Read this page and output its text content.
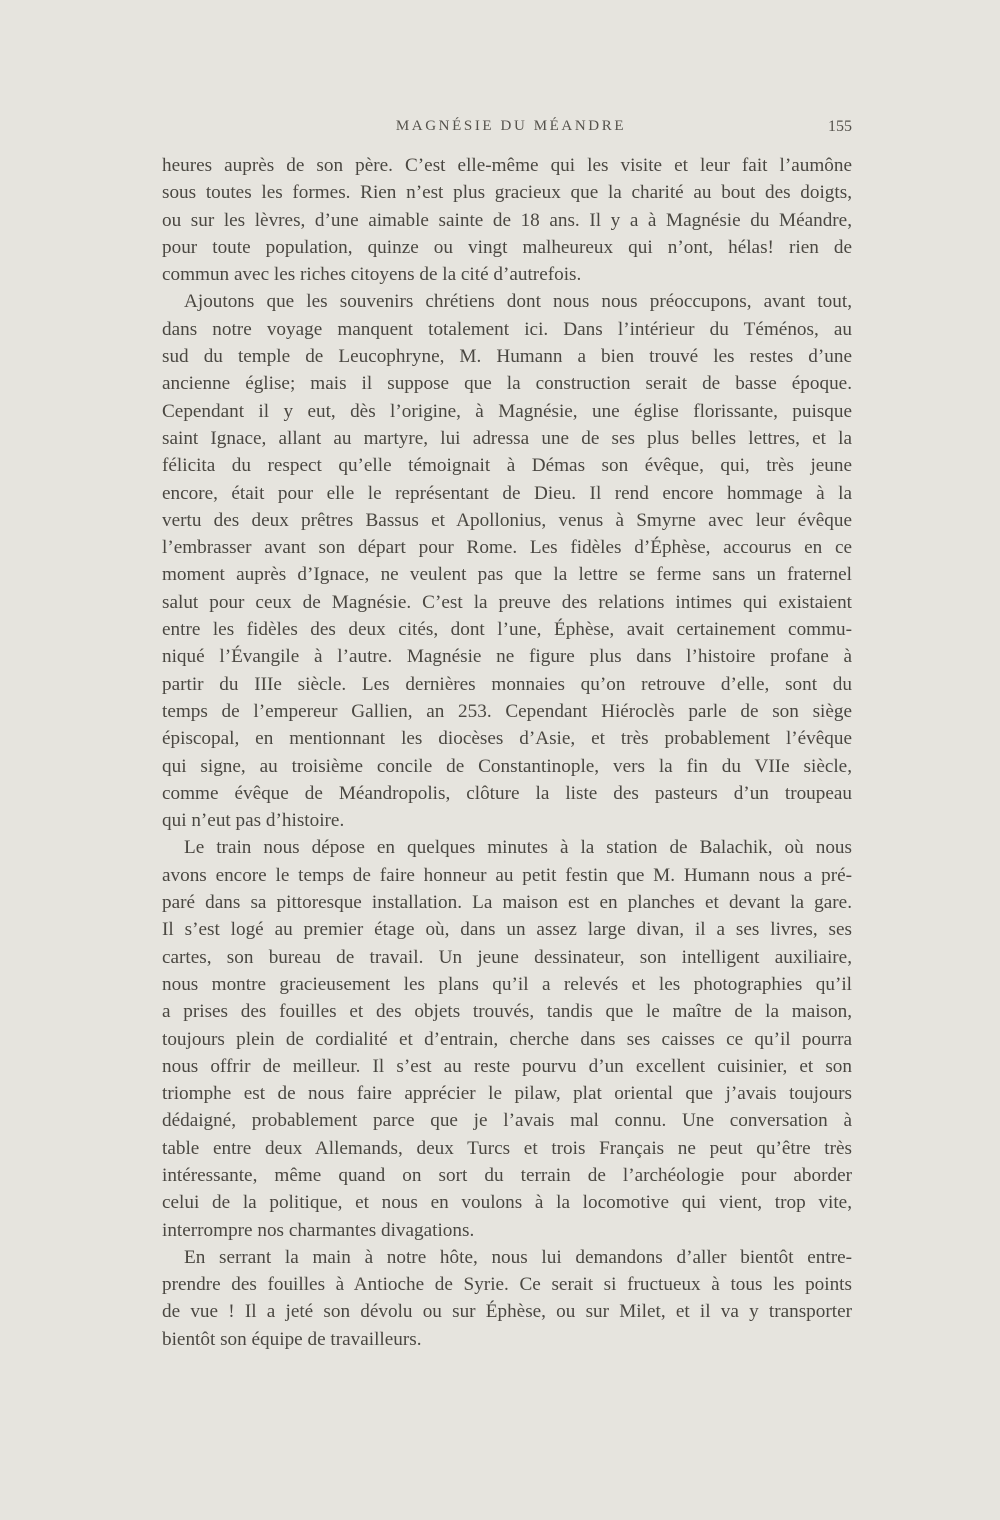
MAGNÉSIE DU MÉANDRE	155
heures auprès de son père. C’est elle-même qui les visite et leur fait l’aumône
sous toutes les formes. Rien n’est plus gracieux que la charité au bout des doigts,
ou sur les lèvres, d’une aimable sainte de 18 ans. Il y a à Magnésie du Méandre,
pour toute population, quinze ou vingt malheureux qui n’ont, hélas! rien de
commun avec les riches citoyens de la cité d’autrefois.
Ajoutons que les souvenirs chrétiens dont nous nous préoccupons, avant tout,
dans notre voyage manquent totalement ici. Dans l’intérieur du Téménos, au
sud du temple de Leucophryne, M. Humann a bien trouvé les restes d’une
ancienne église; mais il suppose que la construction serait de basse époque.
Cependant il y eut, dès l’origine, à Magnésie, une église florissante, puisque
saint Ignace, allant au martyre, lui adressa une de ses plus belles lettres, et la
félicita du respect qu’elle témoignait à Démas son évêque, qui, très jeune
encore, était pour elle le représentant de Dieu. Il rend encore hommage à la
vertu des deux prêtres Bassus et Apollonius, venus à Smyrne avec leur évêque
l’embrasser avant son départ pour Rome. Les fidèles d’Éphèse, accourus en ce
moment auprès d’Ignace, ne veulent pas que la lettre se ferme sans un fraternel
salut pour ceux de Magnésie. C’est la preuve des relations intimes qui existaient
entre les fidèles des deux cités, dont l’une, Éphèse, avait certainement commu-
niqué l’Évangile à l’autre. Magnésie ne figure plus dans l’histoire profane à
partir du IIIe siècle. Les dernières monnaies qu’on retrouve d’elle, sont du
temps de l’empereur Gallien, an 253. Cependant Hiéroclès parle de son siège
épiscopal, en mentionnant les diocèses d’Asie, et très probablement l’évêque
qui signe, au troisième concile de Constantinople, vers la fin du VIIe siècle,
comme évêque de Méandropolis, clôture la liste des pasteurs d’un troupeau
qui n’eut pas d’histoire.
Le train nous dépose en quelques minutes à la station de Balachik, où nous
avons encore le temps de faire honneur au petit festin que M. Humann nous a pré-
paré dans sa pittoresque installation. La maison est en planches et devant la gare.
Il s’est logé au premier étage où, dans un assez large divan, il a ses livres, ses
cartes, son bureau de travail. Un jeune dessinateur, son intelligent auxiliaire,
nous montre gracieusement les plans qu’il a relevés et les photographies qu’il
a prises des fouilles et des objets trouvés, tandis que le maître de la maison,
toujours plein de cordialité et d’entrain, cherche dans ses caisses ce qu’il pourra
nous offrir de meilleur. Il s’est au reste pourvu d’un excellent cuisinier, et son
triomphe est de nous faire apprécier le pilaw, plat oriental que j’avais toujours
dédaigné, probablement parce que je l’avais mal connu. Une conversation à
table entre deux Allemands, deux Turcs et trois Français ne peut qu’être très
intéressante, même quand on sort du terrain de l’archéologie pour aborder
celui de la politique, et nous en voulons à la locomotive qui vient, trop vite,
interrompre nos charmantes divagations.
En serrant la main à notre hôte, nous lui demandons d’aller bientôt entre-
prendre des fouilles à Antioche de Syrie. Ce serait si fructueux à tous les points
de vue ! Il a jeté son dévolu ou sur Éphèse, ou sur Milet, et il va y transporter
bientôt son équipe de travailleurs.
